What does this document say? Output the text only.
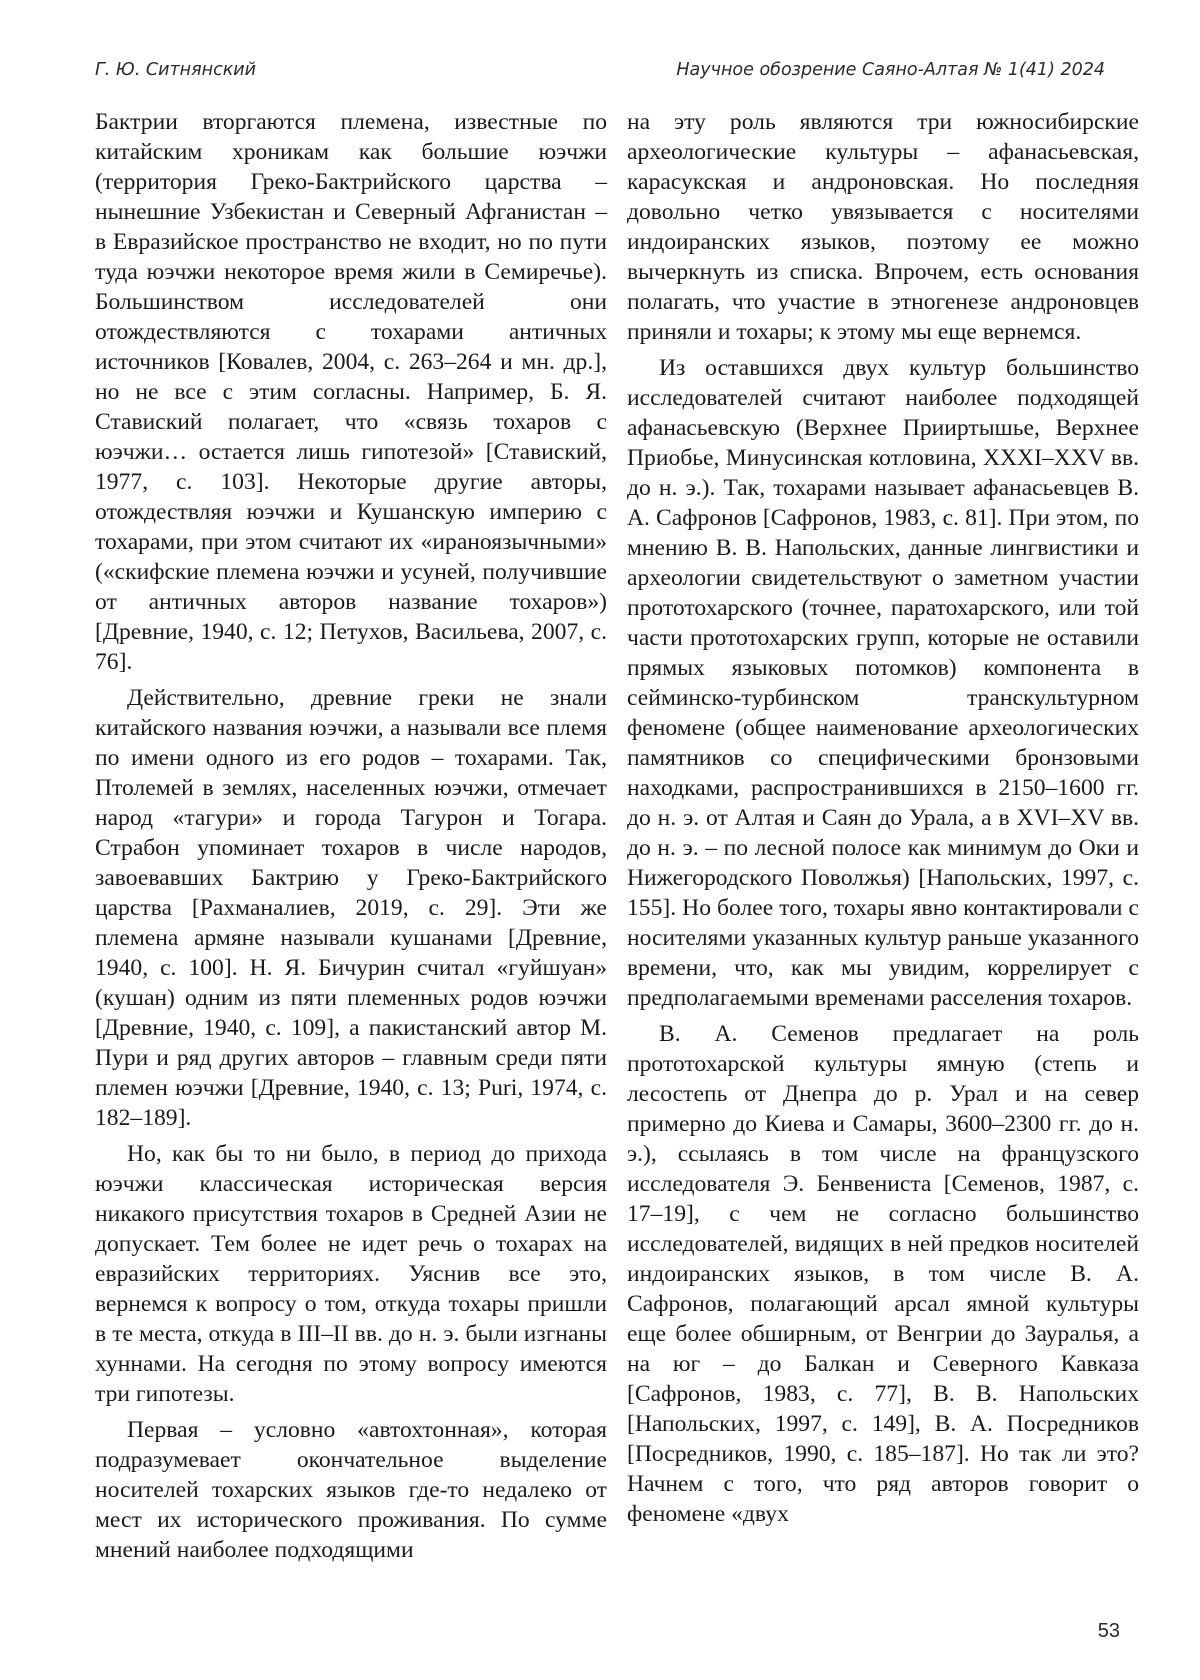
Г. Ю. Ситнянский	Научное обозрение Саяно-Алтая № 1(41) 2024

Бактрии вторгаются племена, известные по китайским хроникам как большие юэчжи (территория Греко-Бактрийского царства – нынешние Узбекистан и Северный Афганистан – в Евразийское пространство не входит, но по пути туда юэчжи некоторое время жили в Семиречье). Большинством исследователей они отождествляются с тохарами античных источников [Ковалев, 2004, с. 263–264 и мн. др.], но не все с этим согласны. Например, Б. Я. Ставиский полагает, что «связь тохаров с юэчжи… остается лишь гипотезой» [Ставиский, 1977, с. 103]. Некоторые другие авторы, отождествляя юэчжи и Кушанскую империю с тохарами, при этом считают их «ираноязычными» («скифские племена юэчжи и усуней, получившие от античных авторов название тохаров») [Древние, 1940, с. 12; Петухов, Васильева, 2007, с. 76].

Действительно, древние греки не знали китайского названия юэчжи, а называли все племя по имени одного из его родов – тохарами. Так, Птолемей в землях, населенных юэчжи, отмечает народ «тагури» и города Тагурон и Тогара. Страбон упоминает тохаров в числе народов, завоевавших Бактрию у Греко-Бактрийского царства [Рахманалиев, 2019, с. 29]. Эти же племена армяне называли кушанами [Древние, 1940, с. 100]. Н. Я. Бичурин считал «гуйшуан» (кушан) одним из пяти племенных родов юэчжи [Древние, 1940, с. 109], а пакистанский автор М. Пури и ряд других авторов – главным среди пяти племен юэчжи [Древние, 1940, с. 13; Puri, 1974, с. 182–189].

Но, как бы то ни было, в период до прихода юэчжи классическая историческая версия никакого присутствия тохаров в Средней Азии не допускает. Тем более не идет речь о тохарах на евразийских территориях. Уяснив все это, вернемся к вопросу о том, откуда тохары пришли в те места, откуда в III–II вв. до н. э. были изгнаны хуннами. На сегодня по этому вопросу имеются три гипотезы.

Первая – условно «автохтонная», которая подразумевает окончательное выделение носителей тохарских языков где-то недалеко от мест их исторического проживания. По сумме мнений наиболее подходящими

на эту роль являются три южносибирские археологические культуры – афанасьевская, карасукская и андроновская. Но последняя довольно четко увязывается с носителями индоиранских языков, поэтому ее можно вычеркнуть из списка. Впрочем, есть основания полагать, что участие в этногенезе андроновцев приняли и тохары; к этому мы еще вернемся.

Из оставшихся двух культур большинство исследователей считают наиболее подходящей афанасьевскую (Верхнее Прииртышье, Верхнее Приобье, Минусинская котловина, XXXI–XXV вв. до н. э.). Так, тохарами называет афанасьевцев В. А. Сафронов [Сафронов, 1983, с. 81]. При этом, по мнению В. В. Напольских, данные лингвистики и археологии свидетельствуют о заметном участии прототохарского (точнее, паратохарского, или той части прототохарских групп, которые не оставили прямых языковых потомков) компонента в сейминско-турбинском транскультурном феномене (общее наименование археологических памятников со специфическими бронзовыми находками, распространившихся в 2150–1600 гг. до н. э. от Алтая и Саян до Урала, а в XVI–XV вв. до н. э. – по лесной полосе как минимум до Оки и Нижегородского Поволжья) [Напольских, 1997, с. 155]. Но более того, тохары явно контактировали с носителями указанных культур раньше указанного времени, что, как мы увидим, коррелирует с предполагаемыми временами расселения тохаров.

В. А. Семенов предлагает на роль прототохарской культуры ямную (степь и лесостепь от Днепра до р. Урал и на север примерно до Киева и Самары, 3600–2300 гг. до н. э.), ссылаясь в том числе на французского исследователя Э. Бенвениста [Семенов, 1987, с. 17–19], с чем не согласно большинство исследователей, видящих в ней предков носителей индоиранских языков, в том числе В. А. Сафронов, полагающий арсал ямной культуры еще более обширным, от Венгрии до Зауралья, а на юг – до Балкан и Северного Кавказа [Сафронов, 1983, с. 77], В. В. Напольских [Напольских, 1997, с. 149], В. А. Посредников [Посредников, 1990, с. 185–187]. Но так ли это? Начнем с того, что ряд авторов говорит о феномене «двух

53
